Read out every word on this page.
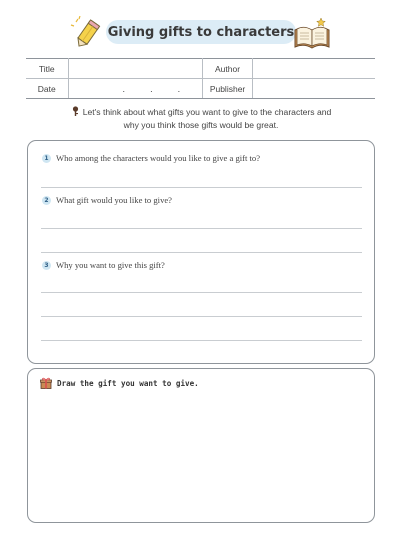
Giving gifts to characters
Title		Author	
Date	. . .	Publisher	
Let's think about what gifts you want to give to the characters and
why you think those gifts would be great.
1 Who among the characters would you like to give a gift to?
2 What gift would you like to give?
3 Why you want to give this gift?
Draw the gift you want to give.
